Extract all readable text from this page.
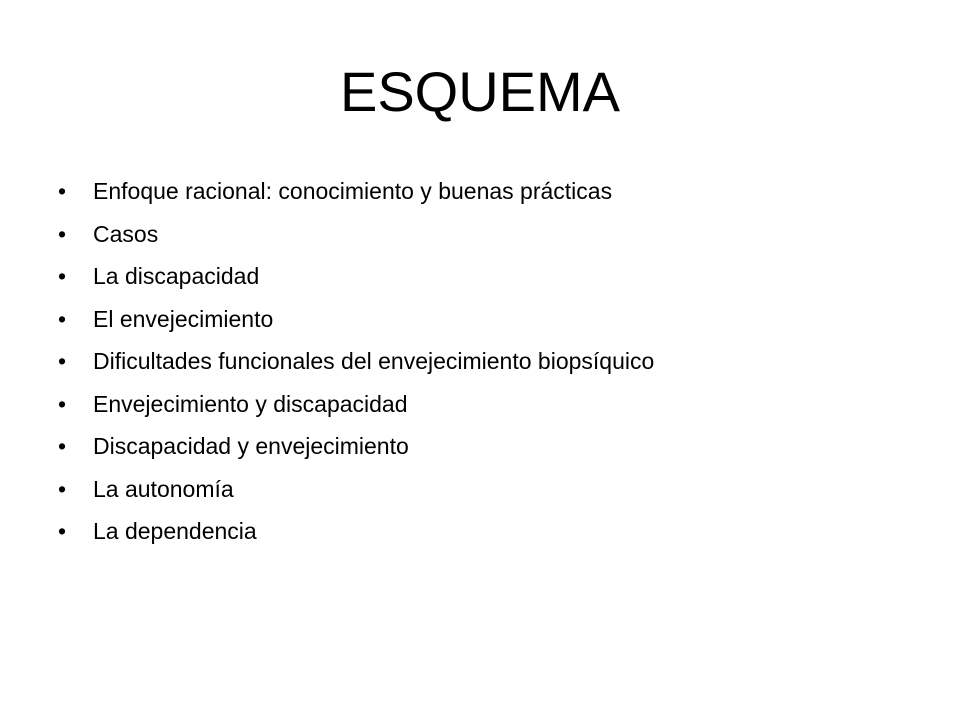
ESQUEMA
•	Enfoque racional: conocimiento y buenas prácticas
•	Casos
•	La discapacidad
•	El envejecimiento
•	Dificultades funcionales del envejecimiento biopsíquico
•	Envejecimiento y discapacidad
•	Discapacidad y envejecimiento
•	La autonomía
•	La dependencia
